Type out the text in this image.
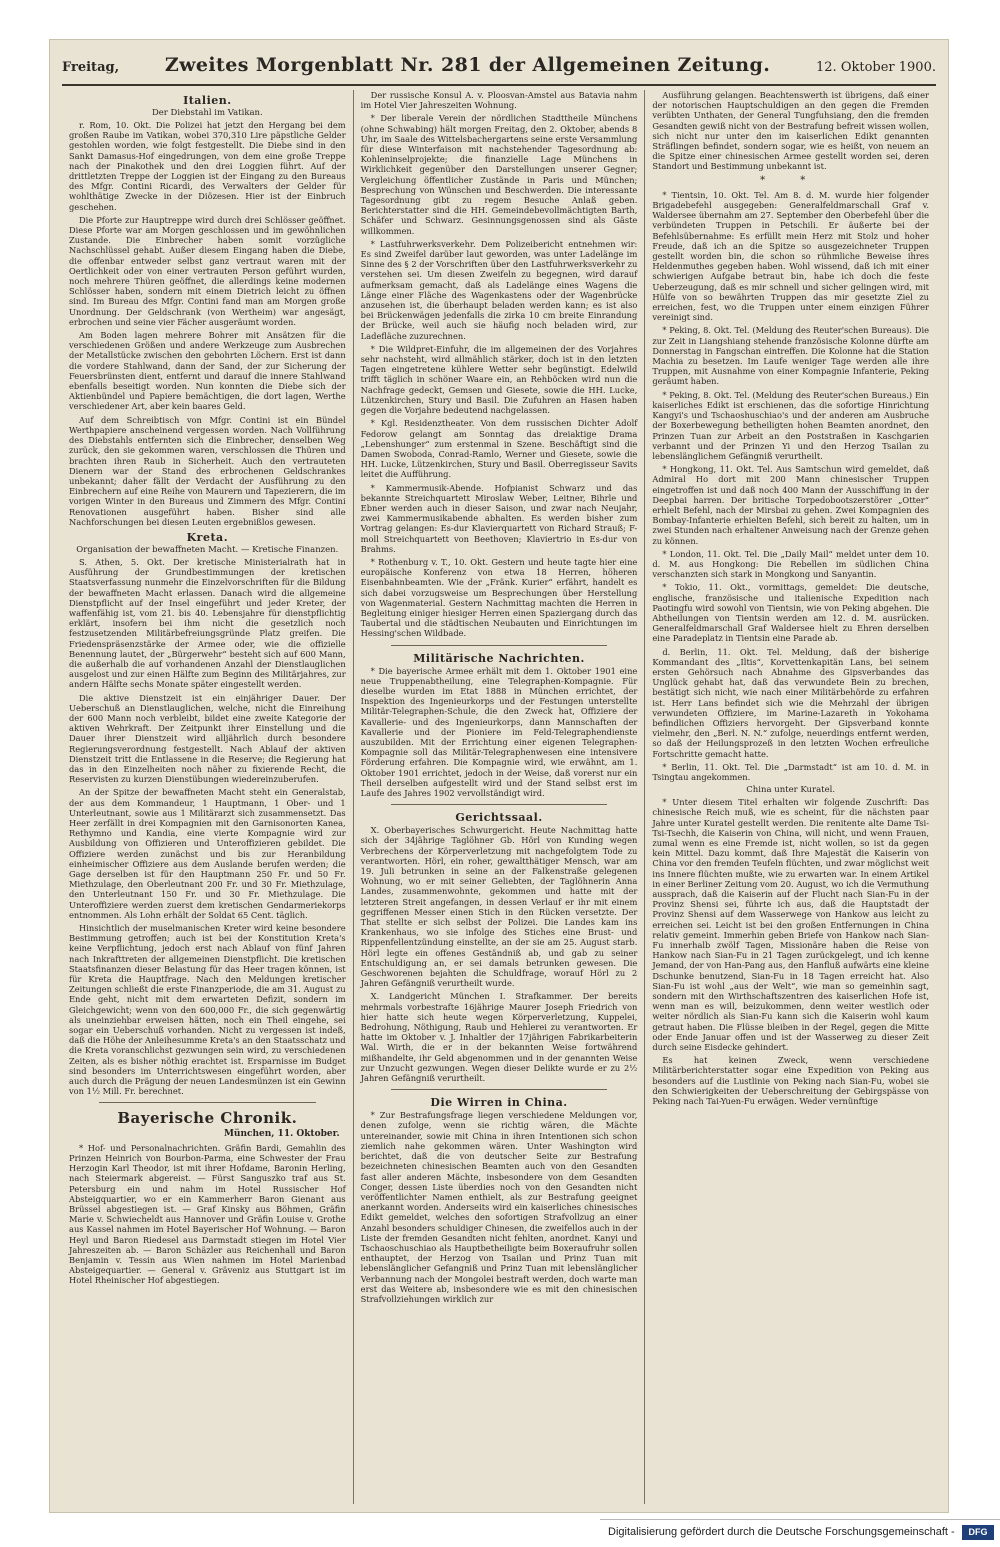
Freitag, Zweites Morgenblatt Nr. 281 der Allgemeinen Zeitung.	12. Oktober 1900.
Italien.
Der Diebstahl im Vatikan.

r. Rom, 10. Okt. Die Polizei hat jetzt den Hergang bei dem großen Raube im Vatikan, wobei 370,310 Lire päpstliche Gelder gestohlen worden, wie folgt festgestellt. Die Diebe sind in den Sankt Damasus-Hof eingedrungen, von dem eine große Treppe nach der Pinakothek und den drei Loggien führt. Auf der drittletzten Treppe der Loggien ist der Eingang zu den Bureaus des Mfgr. Contini Ricardi, des Verwalters der Gelder für wohlthätige Zwecke in der Diözesen. Hier ist der Einbruch geschehen.

Die Pforte zur Hauptreppe wird durch drei Schlösser geöffnet. Diese Pforte war am Morgen geschlossen und im gewöhnlichen Zustande. Die Einbrecher haben somit vorzügliche Nachschlüssel gehabt. Außer diesem Eingang haben die Diebe, die offenbar entweder selbst ganz vertraut waren mit der Oertlichkeit oder von einer vertrauten Person geführt wurden, noch mehrere Thüren geöffnet, die allerdings keine modernen Schlösser haben, sondern mit einem Dietrich leicht zu öffnen sind. Im Bureau des Mfgr. Contini fand man am Morgen große Unordnung. Der Geldschrank (von Wertheim) war angesägt, erbrochen und seine vier Fächer ausgeräumt worden.

Am Boden lagen mehrere Bohrer mit Ansätzen für die verschiedenen Größen und andere Werkzeuge zum Ausbrechen der Metallstücke zwischen den gebohrten Löchern. Erst ist dann die vordere Stahlwand, dann der Sand, der zur Sicherung der Feuersbrünsten dient, entfernt und darauf die innere Stahlwand ebenfalls beseitigt worden. Nun konnten die Diebe sich der Aktienbündel und Papiere bemächtigen, die dort lagen, Werthe verschiedener Art, aber kein baares Geld.

Auf dem Schreibtisch von Mfgr. Contini ist ein Bündel Werthpapiere anscheinend vergessen worden. Nach Vollführung des Diebstahls entfernten sich die Einbrecher, denselben Weg zurück, den sie gekommen waren, verschlossen die Thüren und brachten ihren Raub in Sicherheit. Auch den vertrauteten Dienern war der Stand des erbrochenen Geldschrankes unbekannt; daher fällt der Verdacht der Ausführung zu den Einbrechern auf eine Reihe von Maurern und Tapezierern, die im vorigen Winter in den Bureaus und Zimmern des Mfgr. Contini Renovationen ausgeführt haben. Bisher sind alle Nachforschungen bei diesen Leuten ergebnißlos gewesen.

Kreta.
Organisation der bewaffneten Macht. — Kretische Finanzen.

S. Athen, 5. Okt. Der kretische Ministerialrath hat in Ausführung der Grundbestimmungen der kretischen Staatsverfassung nunmehr die Einzelvorschriften für die Bildung der bewaffneten Macht erlassen. Danach wird die allgemeine Dienstpflicht auf der Insel eingeführt und jeder Kreter, der waffenfähig ist, vom 21. bis 40. Lebensjahre für dienstpflichtig erklärt, insofern bei ihm nicht die gesetzlich noch festzusetzenden Militärbefreiungsgründe Platz greifen. Die Friedenspräsenzstärke der Armee oder, wie die offizielle Benennung lautet, der „Bürgerwehr“ besteht sich auf 600 Mann, die außerhalb die auf vorhandenen Anzahl der Dienstlauglichen ausgelost und zur einen Hälfte zum Beginn des Militärjahres, zur andern Hälfte sechs Monate später eingestellt werden.

Die aktive Dienstzeit ist ein einjähriger Dauer. Der Ueberschuß an Dienstlauglichen, welche, nicht die Einreihung der 600 Mann noch verbleibt, bildet eine zweite Kategorie der aktiven Wehrkraft. Der Zeitpunkt ihrer Einstellung und die Dauer ihrer Dienstzeit wird alljährlich durch besondere Regierungsverordnung festgestellt. Nach Ablauf der aktiven Dienstzeit tritt die Entlassene in die Reserve; die Regierung hat das in den Einzelheiten noch näher zu fixierende Recht, die Reservisten zu kurzen Dienstübungen wiedereinzuberufen.

An der Spitze der bewaffneten Macht steht ein Generalstab, der aus dem Kommandeur, 1 Hauptmann, 1 Ober- und 1 Unterleutnant, sowie aus 1 Militärarzt sich zusammensetzt. Das Heer zerfällt in drei Kompagnien mit den Garnisonorten Kanea, Rethymno und Kandia, eine vierte Kompagnie wird zur Ausbildung von Offizieren und Unteroffizieren gebildet. Die Offiziere werden zunächst und bis zur Heranbildung einheimischer Offiziere aus dem Auslande berufen werden; die Gage derselben ist für den Hauptmann 250 Fr. und 50 Fr. Miethzulage, den Oberleutnant 200 Fr. und 30 Fr. Miethzulage, den Unterleutnant 150 Fr. und 30 Fr. Miethzulage. Die Unteroffiziere werden zuerst dem kretischen Gendarmeriekorps entnommen. Als Lohn erhält der Soldat 65 Cent. täglich.

Hinsichtlich der muselmanischen Kreter wird keine besondere Bestimmung getroffen; auch ist bei der Konstitution Kreta's keine Verpflichtung, jedoch erst nach Ablauf von fünf Jahren nach Inkrafttreten der allgemeinen Dienstpflicht. Die kretischen Staatsfinanzen dieser Belastung für das Heer tragen können, ist für Kreta die Hauptfrage. Nach den Meldungen kretischer Zeitungen schließt die erste Finanzperiode, die am 31. August zu Ende geht, nicht mit dem erwarteten Defizit, sondern im Gleichgewicht; wenn von den 600,000 Fr., die sich gegenwärtig als uneinziehbar erweisen hätten, noch ein Theil eingehe, sei sogar ein Ueberschuß vorhanden. Nicht zu vergessen ist indeß, daß die Höhe der Anleihesumme Kreta's an den Staatsschatz und die Kreta voranschlichst gezwungen sein wird, zu verschiedenen Zeiten, als es bisher nöthig erachtet ist. Ersparnisse im Budget sind besonders im Unterrichtswesen eingeführt worden, aber auch durch die Prägung der neuen Landesmünzen ist ein Gewinn von 1½ Mill. Fr. berechnet.

Bayerische Chronik.
München, 11. Oktober.

* Hof- und Personalnachrichten. Gräfin Bardi, Gemahlin des Prinzen Heinrich von Bourbon-Parma, eine Schwester der Frau Herzogin Karl Theodor, ist mit ihrer Hofdame, Baronin Herling, nach Steiermark abgereist. — Fürst Sanguszko traf aus St. Petersburg ein und nahm im Hotel Russischer Hof Absteigquartier, wo er ein Kammerherr Baron Gienant aus Brüssel abgestiegen ist. — Graf Kinsky aus Böhmen, Gräfin Marie v. Schwiecheldt aus Hannover und Gräfin Louise v. Grothe aus Kassel nahmen im Hotel Bayerischer Hof Wohnung. — Baron Heyl und Baron Riedesel aus Darmstadt stiegen im Hotel Vier Jahreszeiten ab. — Baron Schäzler aus Reichenhall und Baron Benjamin v. Tessin aus Wien nahmen im Hotel Marienbad Absteigequartier. — General v. Gräveniz aus Stuttgart ist im Hotel Rheinischer Hof abgestiegen.

Der russische Konsul A. v. Ploosvan-Amstel aus Batavia nahm im Hotel Vier Jahreszeiten Wohnung.

* Der liberale Verein der nördlichen Stadttheile Münchens (ohne Schwabing) hält morgen Freitag, den 2. Oktober, abends 8 Uhr, im Saale des Wittelsbachergartens seine erste Versammlung für diese Winterfaison mit nachstehender Tagesordnung ab: Kohleninselprojekte; die finanzielle Lage Münchens in Wirklichkeit gegenüber den Darstellungen unserer Gegner; Vergleichung öffentlicher Zustände in Paris und München; Besprechung von Wünschen und Beschwerden. Die interessante Tagesordnung gibt zu regem Besuche Anlaß geben. Berichterstatter sind die HH. Gemeindebevollmächtigten Barth, Schäfer und Schwarz. Gesinnungsgenossen sind als Gäste willkommen.

* Lastfuhrwerksverkehr. Dem Polizeibericht entnehmen wir: Es sind Zweifel darüber laut geworden, was unter Ladelänge im Sinne des § 2 der Vorschriften über den Lastfuhrwerksverkehr zu verstehen sei. Um diesen Zweifeln zu begegnen, wird darauf aufmerksam gemacht, daß als Ladelänge eines Wagens die Länge einer Fläche des Wagenkastens oder der Wagenbrücke anzusehen ist, die überhaupt beladen werden kann; es ist also bei Brückenwägen jedenfalls die zirka 10 cm breite Einrandung der Brücke, weil auch sie häufig noch beladen wird, zur Ladefläche zuzurechnen.

* Die Wildpret-Einfuhr, die im allgemeinen der des Vorjahres sehr nachsteht, wird allmählich stärker, doch ist in den letzten Tagen eingetretene kühlere Wetter sehr begünstigt. Edelwild trifft täglich in schöner Waare ein, an Rehböcken wird nun die Nachfrage gedeckt, Gemsen und Giesete, sowie die HH. Lucke, Lützenkirchen, Stury und Basil. Die Zufuhren an Hasen haben gegen die Vorjahre bedeutend nachgelassen.

* Kgl. Residenztheater. Von dem russischen Dichter Adolf Fedorow gelangt am Sonntag das dreiaktige Drama „Lebenshunger“ zum erstenmal in Szene. Beschäftigt sind die Damen Swoboda, Conrad-Ramlo, Werner und Giesete, sowie die HH. Lucke, Lützenkirchen, Stury und Basil. Oberregisseur Savits leitet die Aufführung.

* Kammermusik-Abende. Hofpianist Schwarz und das bekannte Streichquartett Miroslaw Weber, Leitner, Bihrle und Ebner werden auch in dieser Saison, und zwar nach Neujahr, zwei Kammermusikabende abhalten. Es werden bisher zum Vortrag gelangen: Es-dur Klavierquartett von Richard Strauß; F-moll Streichquartett von Beethoven; Klaviertrio in Es-dur von Brahms.

* Rothenburg v. T., 10. Okt. Gestern und heute tagte hier eine europäische Konferenz von etwa 18 Herren, höheren Eisenbahnbeamten. Wie der „Fränk. Kurier“ erfährt, handelt es sich dabei vorzugsweise um Besprechungen über Herstellung von Wagenmaterial. Gestern Nachmittag machten die Herren in Begleitung einiger hiesiger Herren einen Spaziergang durch das Taubertal und die städtischen Neubauten und Einrichtungen im Hessing'schen Wildbade.

Militärische Nachrichten.

* Die bayerische Armee erhält mit dem 1. Oktober 1901 eine neue Truppenabtheilung, eine Telegraphen-Kompagnie. Für dieselbe wurden im Etat 1888 in München errichtet, der Inspektion des Ingenieurkorps und der Festungen unterstellte Militär-Telegraphen-Schule, die den Zweck hat, Offiziere der Kavallerie- und des Ingenieurkorps, dann Mannschaften der Kavallerie und der Pioniere im Feld-Telegraphendienste auszubilden. Mit der Errichtung einer eigenen Telegraphen-Kompagnie soll das Militär-Telegraphenwesen eine intensivere Förderung erfahren. Die Kompagnie wird, wie erwähnt, am 1. Oktober 1901 errichtet, jedoch in der Weise, daß vorerst nur ein Theil derselben aufgestellt wird und der Stand selbst erst im Laufe des Jahres 1902 vervollständigt wird.

Gerichtssaal.

X. Oberbayerisches Schwurgericht. Heute Nachmittag hatte sich der 34jährige Taglöhner Gb. Hörl von Kunding wegen Verbrechens der Körperverletzung mit nachgefolgtem Tode zu verantworten. Hörl, ein roher, gewaltthätiger Mensch, war am 19. Juli betrunken in seine an der Falkenstraße gelegenen Wohnung, wo er mit seiner Geliebten, der Taglöhnerin Anna Landes, zusammenwohnte, gekommen und hatte mit der letzteren Streit angefangen, in dessen Verlauf er ihr mit einem gegriffenen Messer einen Stich in den Rücken versetzte. Der That stellte er sich selbst der Polizei. Die Landes kam ins Krankenhaus, wo sie infolge des Stiches eine Brust- und Rippenfellentzündung einstellte, an der sie am 25. August starb. Hörl legte ein offenes Geständniß ab, und gab zu seiner Entschuldigung an, er sei damals betrunken gewesen. Die Geschworenen bejahten die Schuldfrage, worauf Hörl zu 2 Jahren Gefängniß verurtheilt wurde.

X. Landgericht München I. Strafkammer. Der bereits mehrmals vorbestrafte 16jährige Maurer Joseph Friedrich von hier hatte sich heute wegen Körperverletzung, Kuppelei, Bedrohung, Nöthigung, Raub und Hehlerei zu verantworten. Er hatte im Oktober v. J. Inhaltler der 17jährigen Fabrikarbeiterin Wal. Wirth, die er in der bekannten Weise fortwährend mißhandelte, ihr Geld abgenommen und in der genannten Weise zur Unzucht gezwungen. Wegen dieser Delikte wurde er zu 2½ Jahren Gefängniß verurtheilt.

Die Wirren in China.

* Zur Bestrafungsfrage liegen verschiedene Meldungen vor, denen zufolge, wenn sie richtig wären, die Mächte untereinander, sowie mit China in ihren Intentionen sich schon ziemlich nahe gekommen wären. Unter Washington wird berichtet, daß die von deutscher Seite zur Bestrafung bezeichneten chinesischen Beamten auch von den Gesandten fast aller anderen Mächte, insbesondere von dem Gesandten Conger, dessen Liste überdies noch von den Gesandten nicht veröffentlichter Namen enthielt, als zur Bestrafung geeignet anerkannt worden. Anderseits wird ein kaiserliches chinesisches Edikt gemeldet, welches den sofortigen Strafvollzug an einer Anzahl besonders schuldiger Chinesen, die zweifellos auch in der Liste der fremden Gesandten nicht fehlten, anordnet. Kanyi und Tschaoschuschiao als Hauptbetheiligte beim Boxeraufruhr sollen enthauptet, der Herzog von Tsailan und Prinz Tuan mit lebenslänglicher Gefangniß und Prinz Tuan mit lebenslänglicher Verbannung nach der Mongolei bestraft werden, doch warte man erst das Weitere ab, insbesondere wie es mit den chinesischen Strafvollziehungen wirklich zur

Ausführung gelangen. Beachtenswerth ist übrigens, daß einer der notorischen Hauptschuldigen an den gegen die Fremden verübten Unthaten, der General Tungfuhsiang, den die fremden Gesandten gewiß nicht von der Bestrafung befreit wissen wollen, sich nicht nur unter den im kaiserlichen Edikt genannten Sträflingen befindet, sondern sogar, wie es heißt, von neuem an die Spitze einer chinesischen Armee gestellt worden sei, deren Standort und Bestimmung unbekannt ist.

* *

* Tientsin, 10. Okt. Tel. Am 8. d. M. wurde hier folgender Brigadebefehl ausgegeben: Generalfeldmarschall Graf v. Waldersee übernahm am 27. September den Oberbefehl über die verbündeten Truppen in Petschili. Er äußerte bei der Befehlsübernahme: Es erfüllt mein Herz mit Stolz und hoher Freude, daß ich an die Spitze so ausgezeichneter Truppen gestellt worden bin, die schon so rühmliche Beweise ihres Heldenmuthes gegeben haben. Wohl wissend, daß ich mit einer schwierigen Aufgabe betraut bin, habe ich doch die feste Ueberzeugung, daß es mir schnell und sicher gelingen wird, mit Hülfe von so bewährten Truppen das mir gesetzte Ziel zu erreichen, fest, wo die Truppen unter einem einzigen Führer vereinigt sind.

* Peking, 8. Okt. Tel. (Meldung des Reuter'schen Bureaus). Die zur Zeit in Liangshiang stehende französische Kolonne dürfte am Donnerstag in Fangschan eintreffen. Die Kolonne hat die Station Machia zu besetzen. Im Laufe weniger Tage werden alle ihre Truppen, mit Ausnahme von einer Kompagnie Infanterie, Peking geräumt haben.

* Peking, 8. Okt. Tel. (Meldung des Reuter'schen Bureaus.) Ein kaiserliches Edikt ist erschienen, das die sofortige Hinrichtung Kangyi's und Tschaoshuschiao's und der anderen am Ausbruche der Boxerbewegung betheiligten hohen Beamten anordnet, den Prinzen Tuan zur Arbeit an den Poststraßen in Kaschgarien verbannt und der Prinzen Yi und den Herzog Tsailan zu lebenslänglichem Gefängniß verurtheilt.

* Hongkong, 11. Okt. Tel. Aus Samtschun wird gemeldet, daß Admiral Ho dort mit 200 Mann chinesischer Truppen eingetroffen ist und daß noch 400 Mann der Ausschiffung in der Deepbai harren. Der britische Torpedobootszerstörer „Otter“ erhielt Befehl, nach der Mirsbai zu gehen. Zwei Kompagnien des Bombay-Infanterie erhielten Befehl, sich bereit zu halten, um in zwei Stunden nach erhaltener Anweisung nach der Grenze gehen zu können.

* London, 11. Okt. Tel. Die „Daily Mail“ meldet unter dem 10. d. M. aus Hongkong: Die Rebellen im südlichen China verschanzten sich stark in Mongkong und Sanyantin.

* Tokio, 11. Okt., vormittags, gemeldet: Die deutsche, englische, französische und italienische Expedition nach Paotingfu wird sowohl von Tientsin, wie von Peking abgehen. Die Abtheilungen von Tientsin werden am 12. d. M. ausrücken. Generalfeldmarschall Graf Waldersee hielt zu Ehren derselben eine Paradeplatz in Tientsin eine Parade ab.

d. Berlin, 11. Okt. Tel. Meldung, daß der bisherige Kommandant des „Iltis“, Korvettenkapitän Lans, bei seinem ersten Gehörsuch nach Abnahme des Gipsverbandes das Unglück gehabt hat, daß das verwundete Bein zu brechen, bestätigt sich nicht, wie nach einer Militärbehörde zu erfahren ist. Herr Lans befindet sich wie die Mehrzahl der übrigen verwundeten Offiziere, im Marine-Lazareth in Yokohama befindlichen Offiziers hervorgeht. Der Gipsverband konnte vielmehr, den „Berl. N. N.“ zufolge, neuerdings entfernt werden, so daß der Heilungsprozeß in den letzten Wochen erfreuliche Fortschritte gemacht hatte.

* Berlin, 11. Okt. Tel. Die „Darmstadt“ ist am 10. d. M. in Tsingtau angekommen.

China unter Kuratel.

* Unter diesem Titel erhalten wir folgende Zuschrift: Das chinesische Reich muß, wie es scheint, für die nächsten paar Jahre unter Kuratel gestellt werden. Die renitente alte Dame Tsi-Tsi-Tsechh, die Kaiserin von China, will nicht, und wenn Frauen, zumal wenn es eine Fremde ist, nicht wollen, so ist da gegen kein Mittel. Dazu kommt, daß Ihre Majestät die Kaiserin von China vor den fremden Teufeln flüchten, und zwar möglichst weit ins Innere flüchten mußte, wie zu erwarten war. In einem Artikel in einer Berliner Zeitung vom 20. August, wo ich die Vermuthung aussprach, daß die Kaiserin auf der Flucht nach Sian-Fu in der Provinz Shensi sei, führte ich aus, daß die Hauptstadt der Provinz Shensi auf dem Wasserwege von Hankow aus leicht zu erreichen sei. Leicht ist bei den großen Entfernungen in China relativ gemeint. Immerhin geben Briefe von Hankow nach Sian-Fu innerhalb zwölf Tagen, Missionäre haben die Reise von Hankow nach Sian-Fu in 21 Tagen zurückgelegt, und ich kenne Jemand, der von Han-Pang aus, den Hanfluß aufwärts eine kleine Dschunke benutzend, Sian-Fu in 18 Tagen erreicht hat. Also Sian-Fu ist wohl „aus der Welt“, wie man so gemeinhin sagt, sondern mit den Wirthschaftszentren des kaiserlichen Hofe ist, wenn man es will, beizukommen, denn weiter westlich oder weiter nördlich als Sian-Fu kann sich die Kaiserin wohl kaum getraut haben. Die Flüsse bleiben in der Regel, gegen die Mitte oder Ende Januar offen und ist der Wasserweg zu dieser Zeit durch seine Eisdecke gehindert.

Es hat keinen Zweck, wenn verschiedene Militärberichterstatter sogar eine Expedition von Peking aus besonders auf die Lustlinie von Peking nach Sian-Fu, wobei sie den Schwierigkeiten der Ueberschreitung der Gebirgspässe von Peking nach Tai-Yuen-Fu erwägen. Weder vernünftige

Digitalisierung gefördert durch die Deutsche Forschungsgemeinschaft -	DFG
